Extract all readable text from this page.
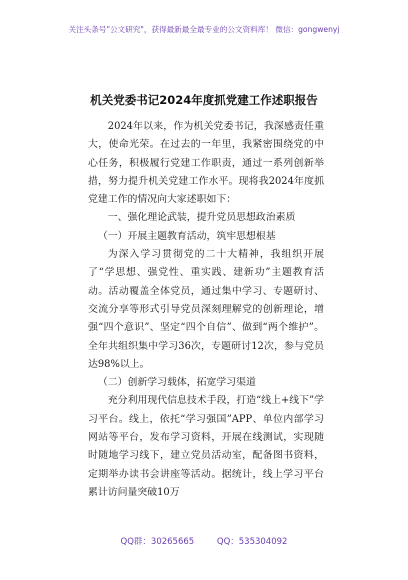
关注头条号"公文研究"，获得最新最全最专业的公文资料库！ 微信：gongwenyj
机关党委书记2024年度抓党建工作述职报告

2024年以来，作为机关党委书记，我深感责任重大，使命光荣。在过去的一年里，我紧密围绕党的中心任务，积极履行党建工作职责，通过一系列创新举措，努力提升机关党建工作水平。现将我2024年度抓党建工作的情况向大家述职如下：

一、强化理论武装，提升党员思想政治素质

（一）开展主题教育活动，筑牢思想根基

为深入学习贯彻党的二十大精神，我组织开展了“学思想、强党性、重实践、建新功”主题教育活动。活动覆盖全体党员，通过集中学习、专题研讨、交流分享等形式引导党员深刻理解党的创新理论，增强“四个意识”、坚定“四个自信”、做到“两个维护”。全年共组织集中学习36次，专题研讨12次，参与党员达98%以上。

（二）创新学习载体，拓宽学习渠道

充分利用现代信息技术手段，打造“线上+线下”学习平台。线上，依托“学习强国”APP、单位内部学习网站等平台，发布学习资料，开展在线测试，实现随时随地学习线下，建立党员活动室，配备图书资料，定期举办读书会讲座等活动。据统计，线上学习平台累计访问量突破10万

QQ群：30265665	QQ：535304092
